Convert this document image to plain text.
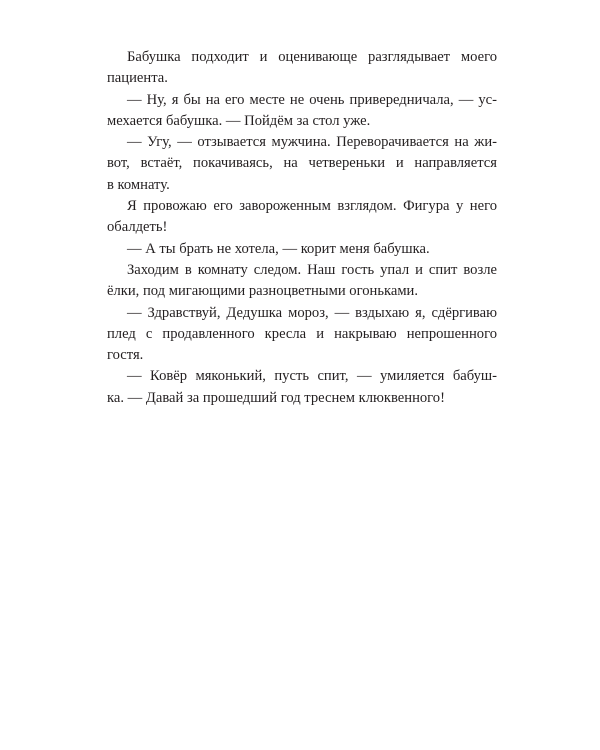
Бабушка подходит и оценивающе разглядывает моего
пациента.
— Ну, я бы на его месте не очень привередничала, — ус-
мехается бабушка. — Пойдём за стол уже.
— Угу, — отзывается мужчина. Переворачивается на жи-
вот, встаёт, покачиваясь, на четвереньки и направляется
в комнату.
Я провожаю его завороженным взглядом. Фигура у него
обалдеть!
— А ты брать не хотела, — корит меня бабушка.
Заходим в комнату следом. Наш гость упал и спит возле
ёлки, под мигающими разноцветными огоньками.
— Здравствуй, Дедушка мороз, — вздыхаю я, сдёргиваю
плед с продавленного кресла и накрываю непрошенного
гостя.
— Ковёр мяконький, пусть спит, — умиляется бабуш-
ка. — Давай за прошедший год треснем клюквенного!
